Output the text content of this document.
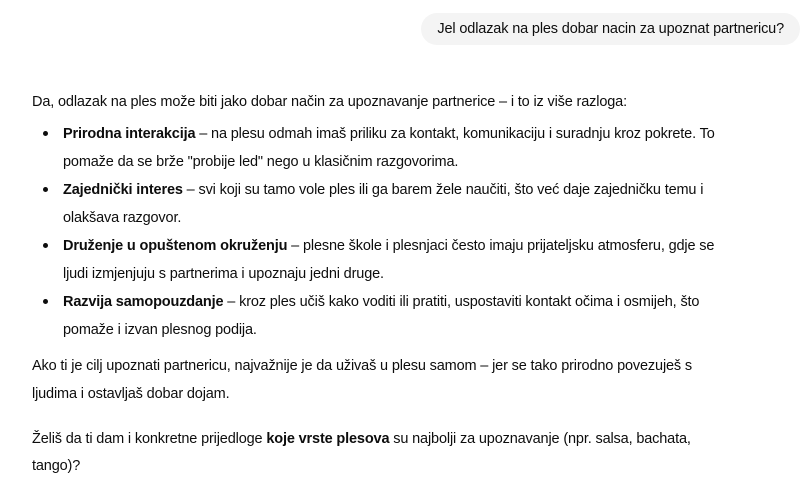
Jel odlazak na ples dobar nacin za upoznat partnericu?
Da, odlazak na ples može biti jako dobar način za upoznavanje partnerice – i to iz više razloga:
Prirodna interakcija – na plesu odmah imaš priliku za kontakt, komunikaciju i suradnju kroz pokrete. To
pomaže da se brže "probije led" nego u klasičnim razgovorima.
Zajednički interes – svi koji su tamo vole ples ili ga barem žele naučiti, što već daje zajedničku temu i
olakšava razgovor.
Druženje u opuštenom okruženju – plesne škole i plesnjaci često imaju prijateljsku atmosferu, gdje se
ljudi izmjenjuju s partnerima i upoznaju jedni druge.
Razvija samopouzdanje – kroz ples učiš kako voditi ili pratiti, uspostaviti kontakt očima i osmijeh, što
pomaže i izvan plesnog podija.
Ako ti je cilj upoznati partnericu, najvažnije je da uživaš u plesu samom – jer se tako prirodno povezuješ s
ljudima i ostavljaš dobar dojam.
Želiš da ti dam i konkretne prijedloge koje vrste plesova su najbolji za upoznavanje (npr. salsa, bachata,
tango)?
